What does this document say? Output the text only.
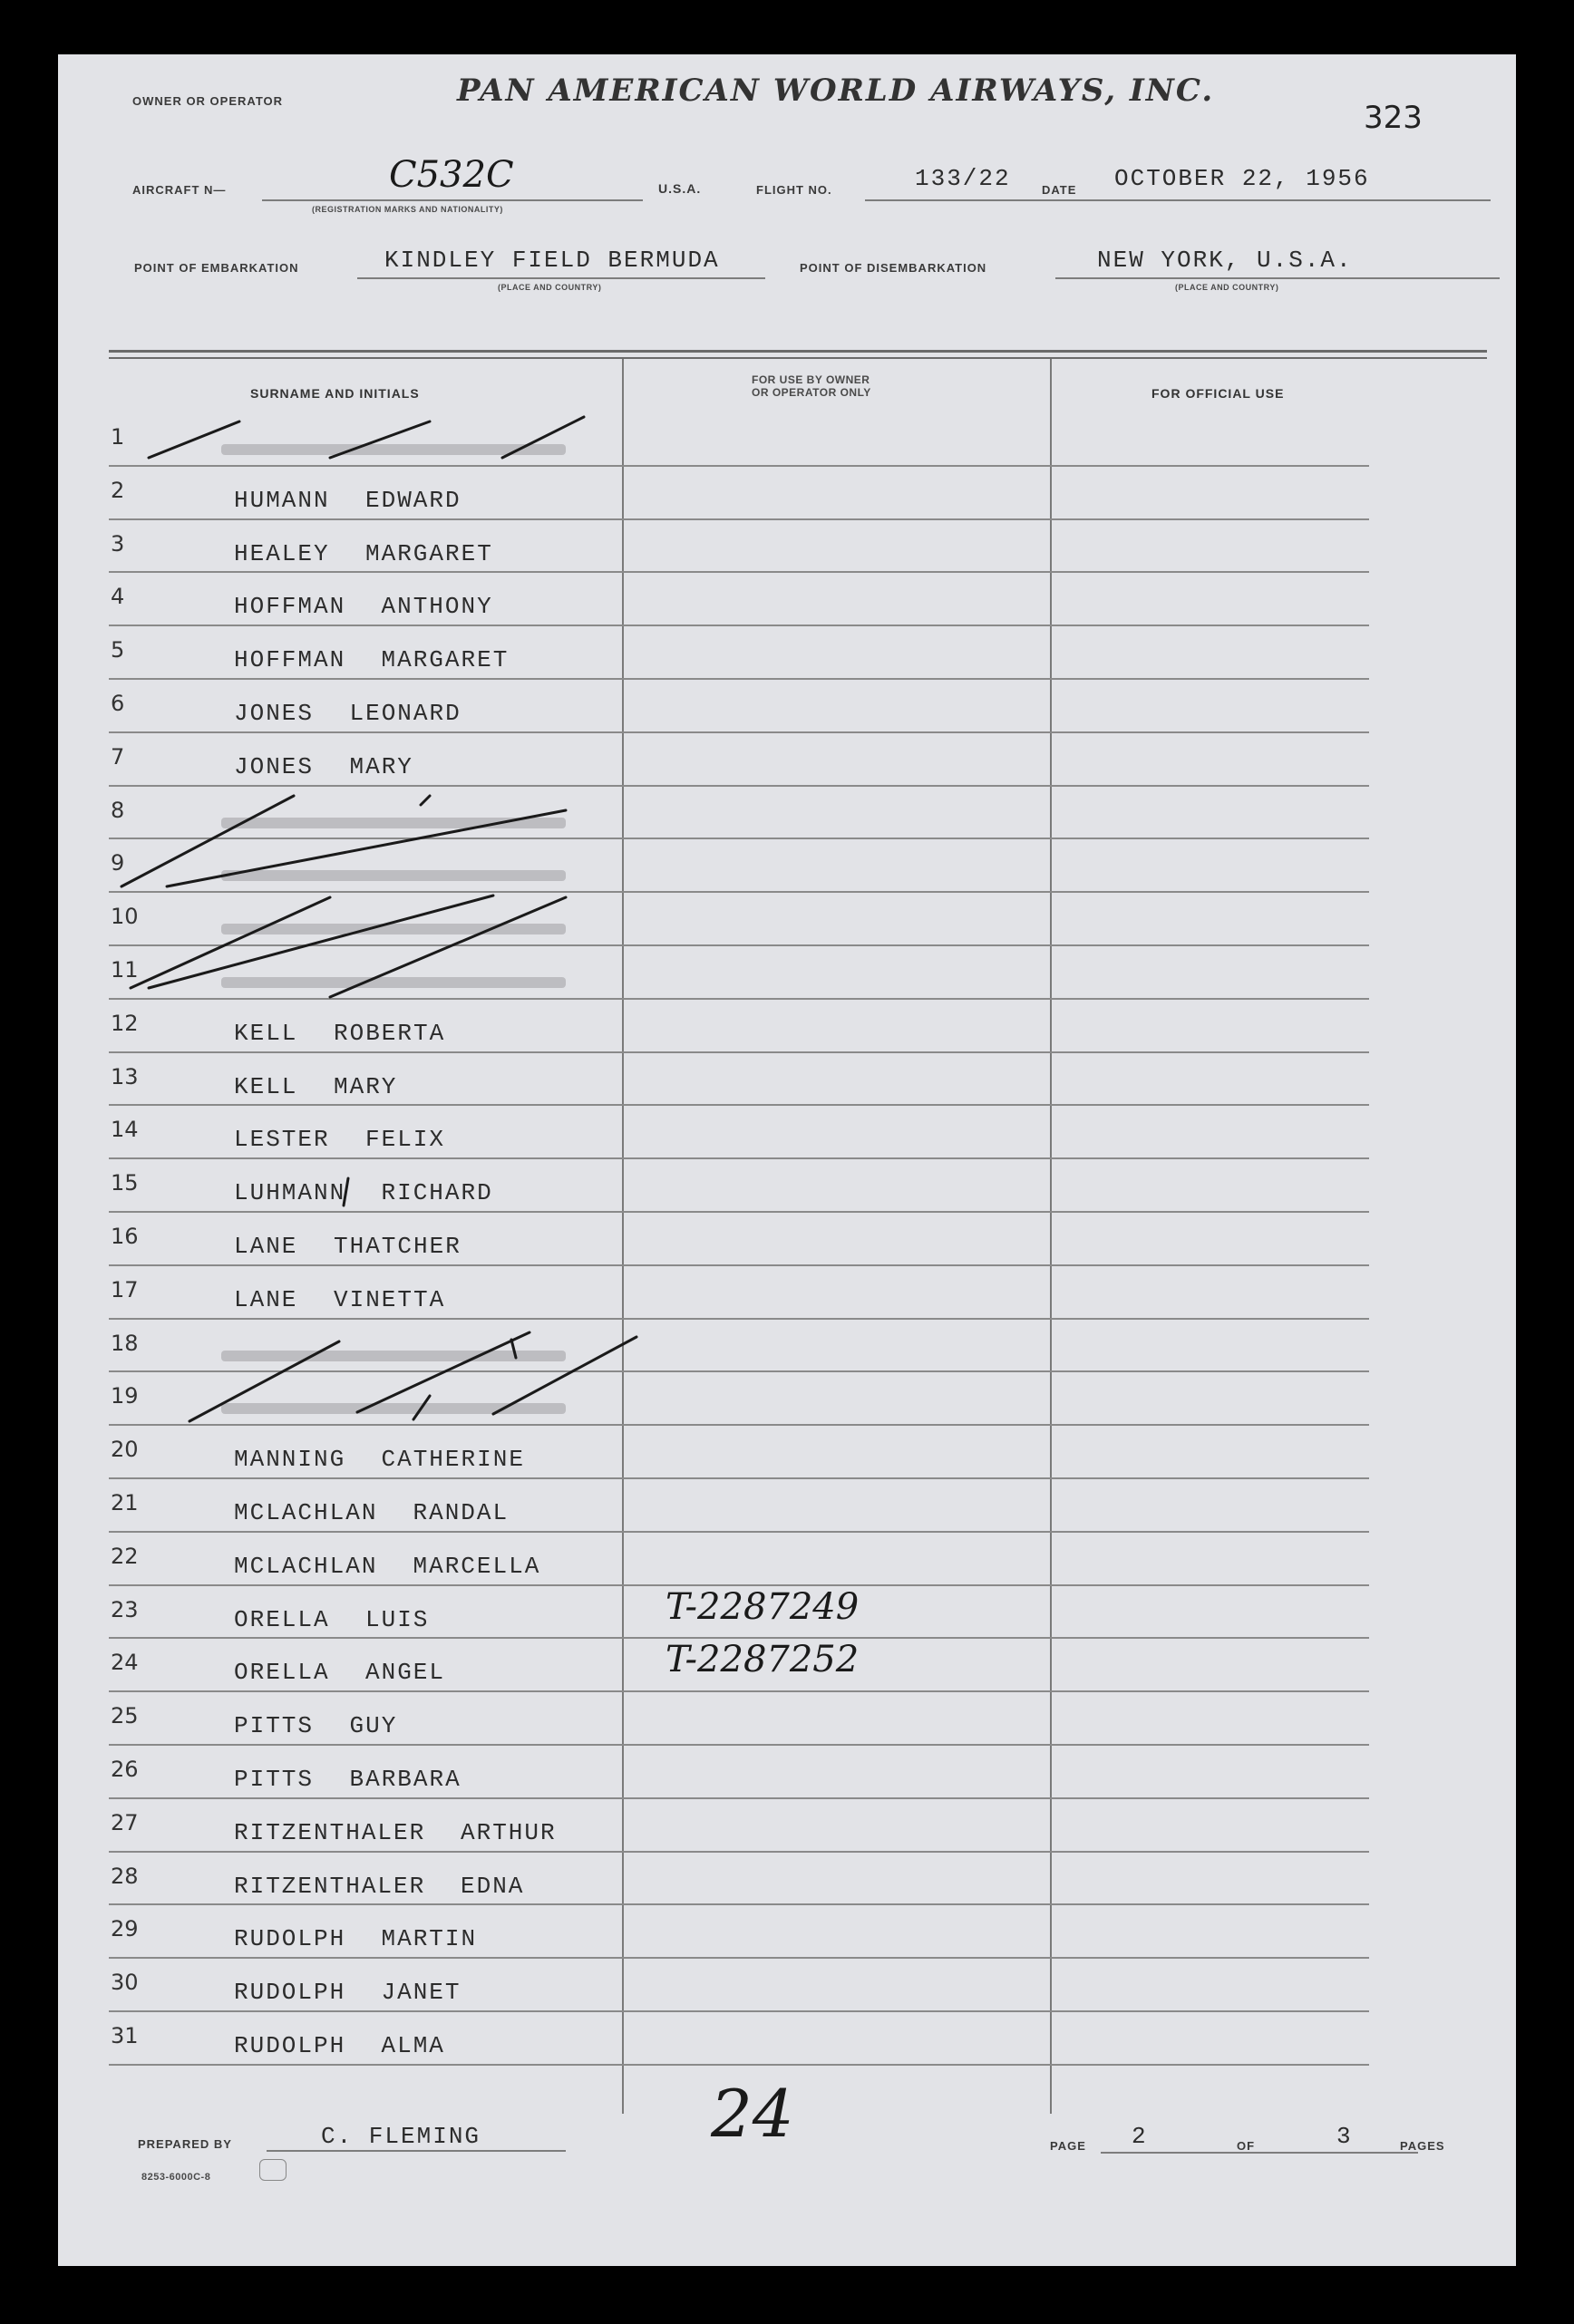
OWNER OR OPERATOR	PAN AMERICAN WORLD AIRWAYS, INC.
323
AIRCRAFT N—	C532C
(REGISTRATION MARKS AND NATIONALITY)
U.S.A.	FLIGHT NO.	133/22	DATE OCTOBER 22, 1956
POINT OF EMBARKATION	KINDLEY FIELD BERMUDA
(PLACE AND COUNTRY)
POINT OF DISEMBARKATION	NEW YORK, U.S.A.
(PLACE AND COUNTRY)
SURNAME AND INITIALS
FOR USE BY OWNER
OR OPERATOR ONLY	FOR OFFICIAL USE
1
2	HUMANN EDWARD
3	HEALEY MARGARET
4	HOFFMAN ANTHONY
5	HOFFMAN MARGARET
6	JONES LEONARD
7	JONES MARY
8
9
10
11
12	KELL ROBERTA
13	KELL MARY
14	LESTER FELIX
15	LUHMANN RICHARD
16	LANE THATCHER
17	LANE VINETTA
18
19
20	MANNING CATHERINE
21	MCLACHLAN RANDAL
22	MCLACHLAN MARCELLA
23	ORELLA LUIS	T-2287249
24	ORELLA ANGEL	T-2287252
25	PITTS GUY
26	PITTS BARBARA
27	RITZENTHALER ARTHUR
28	RITZENTHALER EDNA
29	RUDOLPH MARTIN
30	RUDOLPH JANET
31	RUDOLPH ALMA
PREPARED BY	C. FLEMING	24	PAGE 2	OF	3	PAGES
8253-6000C-8
